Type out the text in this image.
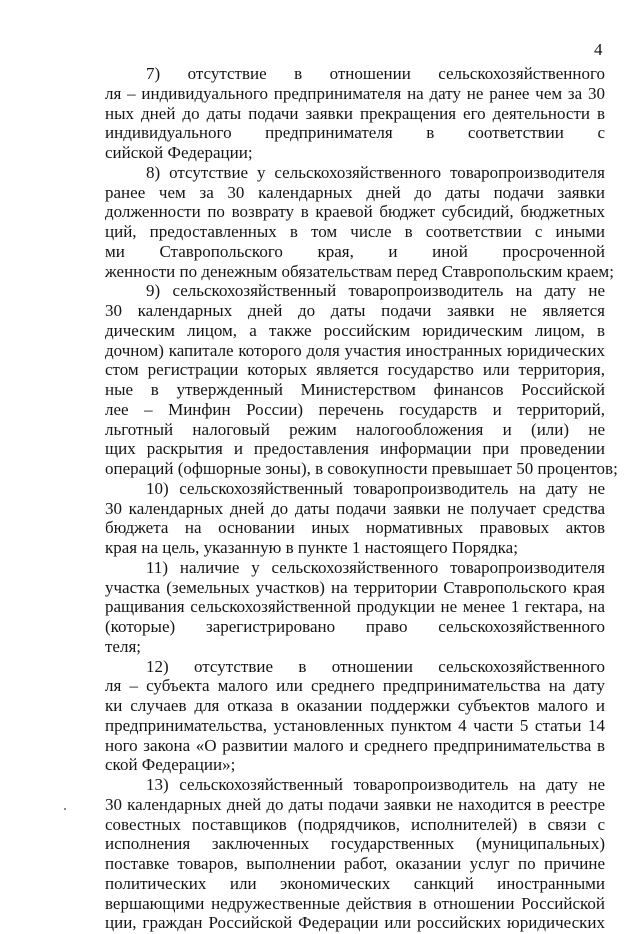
4
7) отсутствие в отношении сельскохозяйственного
ля – индивидуального предпринимателя на дату не ранее чем за 30
ных дней до даты подачи заявки прекращения его деятельности в
индивидуального предпринимателя в соответствии с
сийской Федерации;
8) отсутствие у сельскохозяйственного товаропроизводителя
ранее чем за 30 календарных дней до даты подачи заявки
долженности по возврату в краевой бюджет субсидий, бюджетных
ций, предоставленных в том числе в соответствии с иными
ми Ставропольского края, и иной просроченной
женности по денежным обязательствам перед Ставропольским краем;
9) сельскохозяйственный товаропроизводитель на дату не
30 календарных дней до даты подачи заявки не является
дическим лицом, а также российским юридическим лицом, в
дочном) капитале которого доля участия иностранных юридических
стом регистрации которых является государство или территория,
ные в утвержденный Министерством финансов Российской
лее – Минфин России) перечень государств и территорий,
льготный налоговый режим налогообложения и (или) не
щих раскрытия и предоставления информации при проведении
операций (офшорные зоны), в совокупности превышает 50 процентов;
10) сельскохозяйственный товаропроизводитель на дату не
30 календарных дней до даты подачи заявки не получает средства
бюджета на основании иных нормативных правовых актов
края на цель, указанную в пункте 1 настоящего Порядка;
11) наличие у сельскохозяйственного товаропроизводителя
участка (земельных участков) на территории Ставропольского края
ращивания сельскохозяйственной продукции не менее 1 гектара, на
(которые) зарегистрировано право сельскохозяйственного
теля;
12) отсутствие в отношении сельскохозяйственного
ля – субъекта малого или среднего предпринимательства на дату
ки случаев для отказа в оказании поддержки субъектов малого и
предпринимательства, установленных пунктом 4 части 5 статьи 14
ного закона «О развитии малого и среднего предпринимательства в
ской Федерации»;
13) сельскохозяйственный товаропроизводитель на дату не
30 календарных дней до даты подачи заявки не находится в реестре
совестных поставщиков (подрядчиков, исполнителей) в связи с
исполнения заключенных государственных (муниципальных)
поставке товаров, выполнении работ, оказании услуг по причине
политических или экономических санкций иностранными
вершающими недружественные действия в отношении Российской
ции, граждан Российской Федерации или российских юридических
